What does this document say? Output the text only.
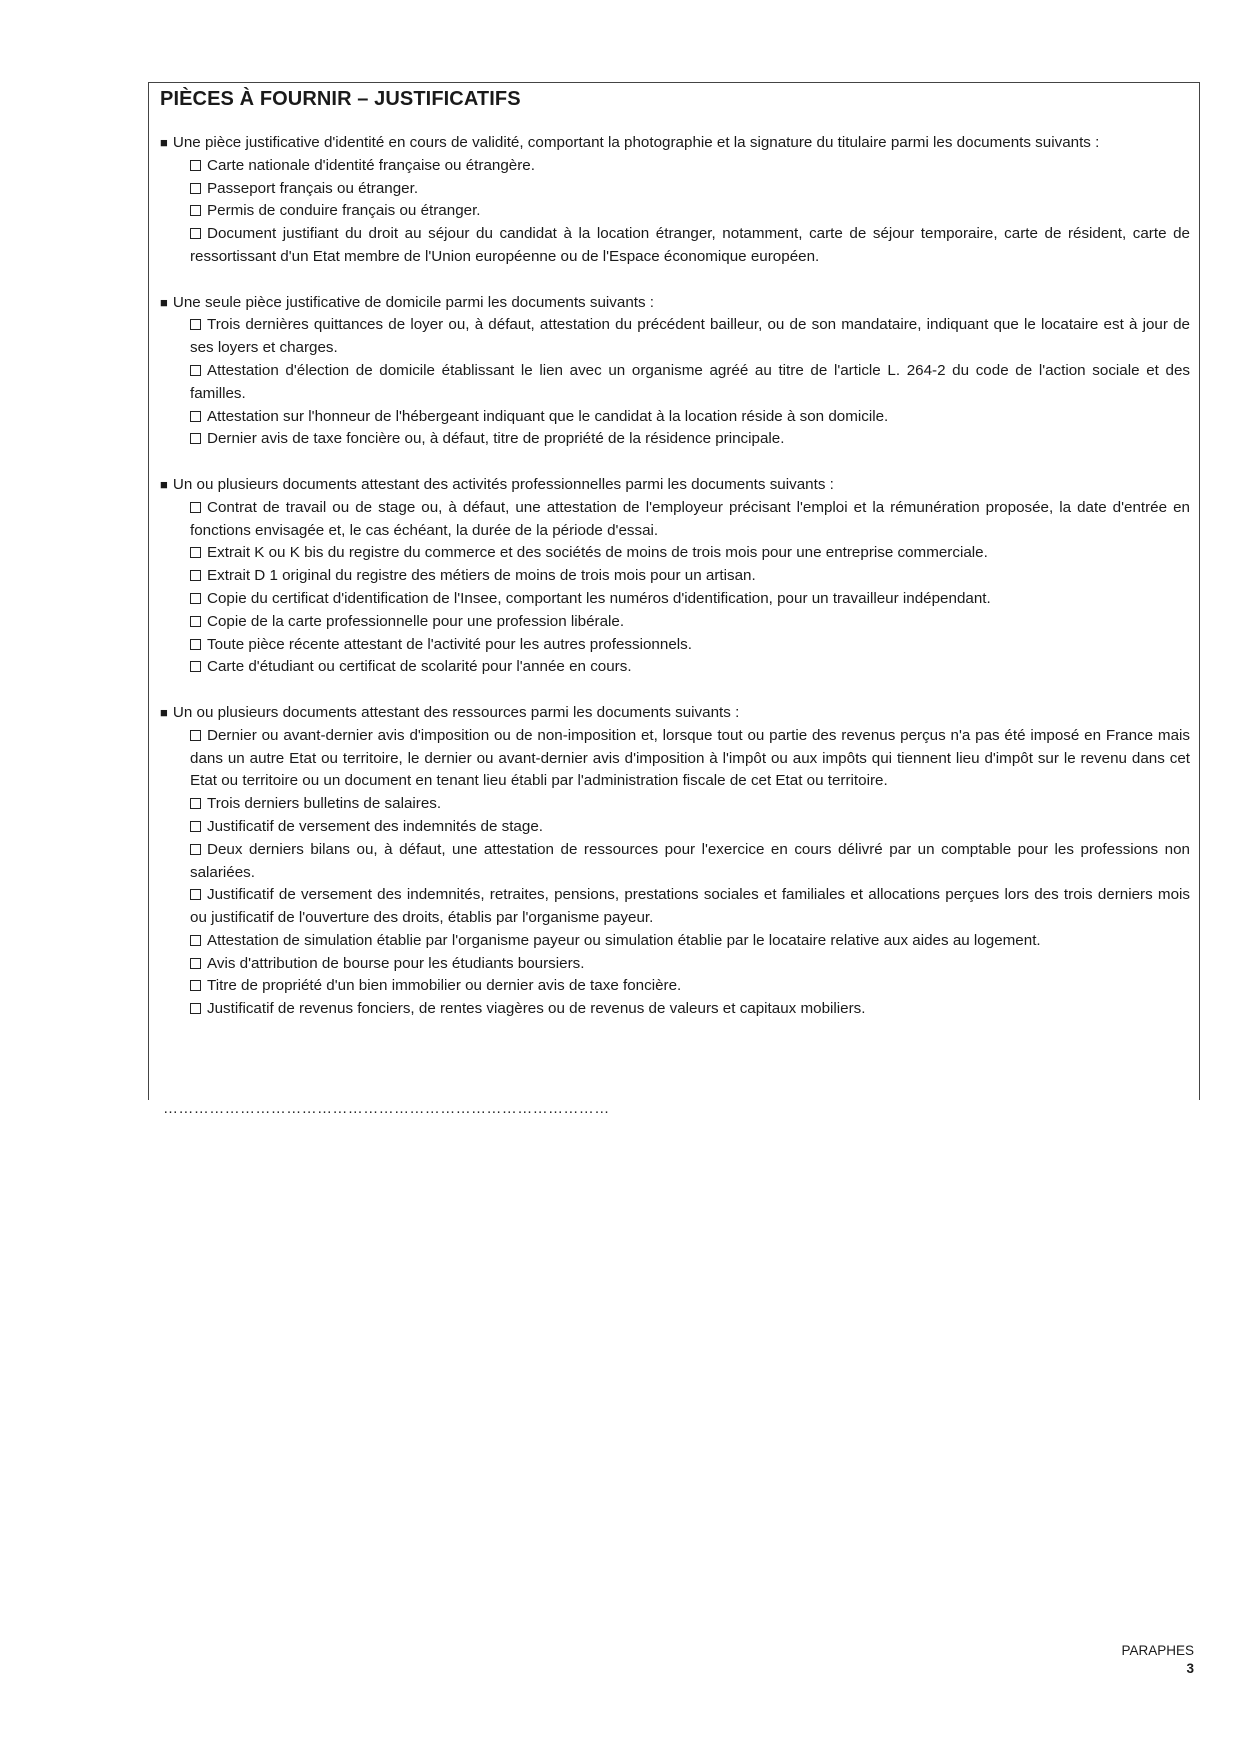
PIÈCES À FOURNIR – JUSTIFICATIFS
■ Une pièce justificative d'identité en cours de validité, comportant la photographie et la signature du titulaire parmi les documents suivants :
Carte nationale d'identité française ou étrangère.
Passeport français ou étranger.
Permis de conduire français ou étranger.
Document justifiant du droit au séjour du candidat à la location étranger, notamment, carte de séjour temporaire, carte de résident, carte de ressortissant d'un Etat membre de l'Union européenne ou de l'Espace économique européen.
■ Une seule pièce justificative de domicile parmi les documents suivants :
Trois dernières quittances de loyer ou, à défaut, attestation du précédent bailleur, ou de son mandataire, indiquant que le locataire est à jour de ses loyers et charges.
Attestation d'élection de domicile établissant le lien avec un organisme agréé au titre de l'article L. 264-2 du code de l'action sociale et des familles.
Attestation sur l'honneur de l'hébergeant indiquant que le candidat à la location réside à son domicile.
Dernier avis de taxe foncière ou, à défaut, titre de propriété de la résidence principale.
■ Un ou plusieurs documents attestant des activités professionnelles parmi les documents suivants :
Contrat de travail ou de stage ou, à défaut, une attestation de l'employeur précisant l'emploi et la rémunération proposée, la date d'entrée en fonctions envisagée et, le cas échéant, la durée de la période d'essai.
Extrait K ou K bis du registre du commerce et des sociétés de moins de trois mois pour une entreprise commerciale.
Extrait D 1 original du registre des métiers de moins de trois mois pour un artisan.
Copie du certificat d'identification de l'Insee, comportant les numéros d'identification, pour un travailleur indépendant.
Copie de la carte professionnelle pour une profession libérale.
Toute pièce récente attestant de l'activité pour les autres professionnels.
Carte d'étudiant ou certificat de scolarité pour l'année en cours.
■ Un ou plusieurs documents attestant des ressources parmi les documents suivants :
Dernier ou avant-dernier avis d'imposition ou de non-imposition et, lorsque tout ou partie des revenus perçus n'a pas été imposé en France mais dans un autre Etat ou territoire, le dernier ou avant-dernier avis d'imposition à l'impôt ou aux impôts qui tiennent lieu d'impôt sur le revenu dans cet Etat ou territoire ou un document en tenant lieu établi par l'administration fiscale de cet Etat ou territoire.
Trois derniers bulletins de salaires.
Justificatif de versement des indemnités de stage.
Deux derniers bilans ou, à défaut, une attestation de ressources pour l'exercice en cours délivré par un comptable pour les professions non salariées.
Justificatif de versement des indemnités, retraites, pensions, prestations sociales et familiales et allocations perçues lors des trois derniers mois ou justificatif de l'ouverture des droits, établis par l'organisme payeur.
Attestation de simulation établie par l'organisme payeur ou simulation établie par le locataire relative aux aides au logement.
Avis d'attribution de bourse pour les étudiants boursiers.
Titre de propriété d'un bien immobilier ou dernier avis de taxe foncière.
Justificatif de revenus fonciers, de rentes viagères ou de revenus de valeurs et capitaux mobiliers.
……………………………………………………………………………
PARAPHES
3
